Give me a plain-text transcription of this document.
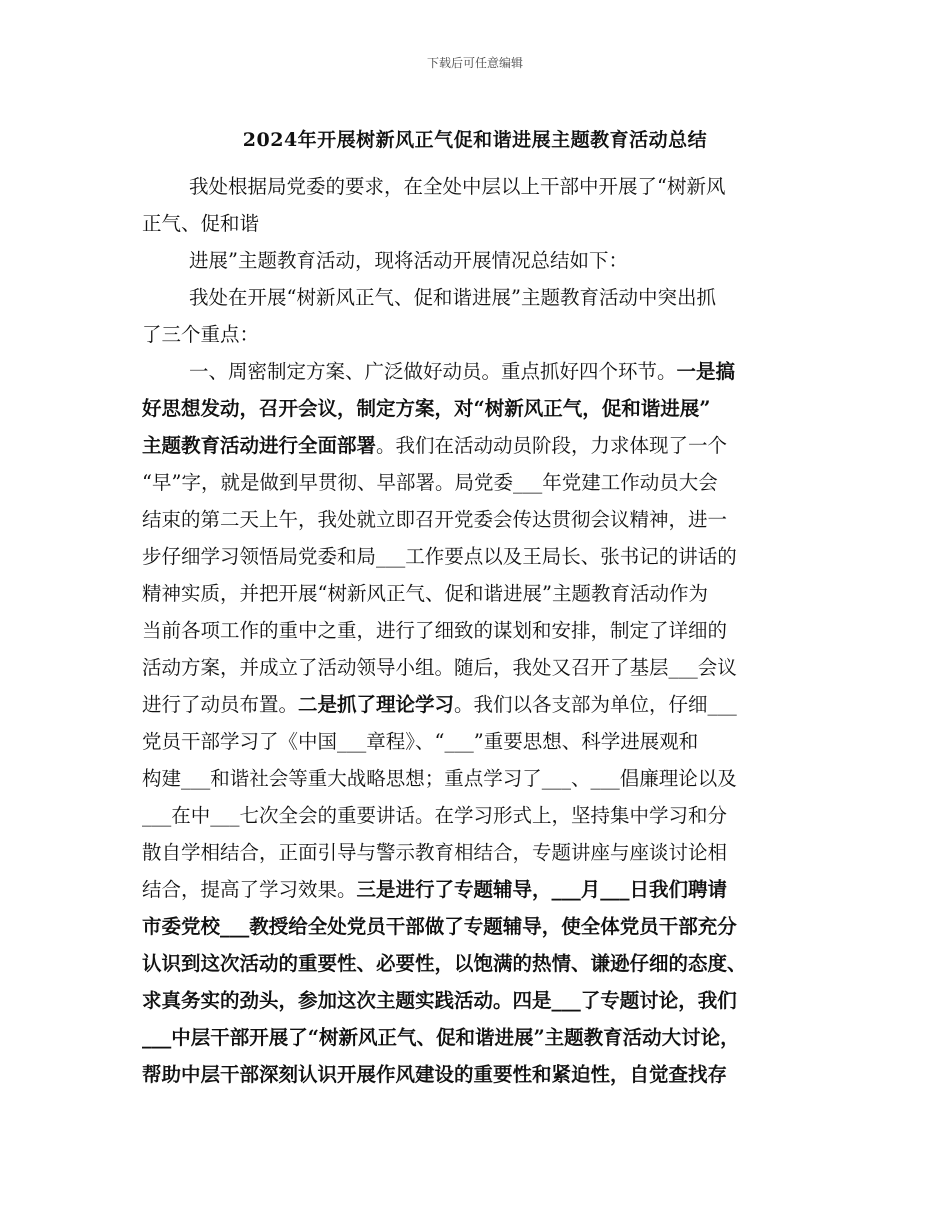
下载后可任意编辑
2024年开展树新风正气促和谐进展主题教育活动总结
我处根据局党委的要求，在全处中层以上干部中开展了“树新风
正气、促和谐
进展”主题教育活动，现将活动开展情况总结如下：
我处在开展“树新风正气、促和谐进展”主题教育活动中突出抓
了三个重点：
一、周密制定方案、广泛做好动员。重点抓好四个环节。一是搞
好思想发动，召开会议，制定方案，对“树新风正气，促和谐进展”
主题教育活动进行全面部署。我们在活动动员阶段，力求体现了一个
“早”字，就是做到早贯彻、早部署。局党委___年党建工作动员大会
结束的第二天上午，我处就立即召开党委会传达贯彻会议精神，进一
步仔细学习领悟局党委和局___工作要点以及王局长、张书记的讲话的
精神实质，并把开展“树新风正气、促和谐进展”主题教育活动作为
当前各项工作的重中之重，进行了细致的谋划和安排，制定了详细的
活动方案，并成立了活动领导小组。随后，我处又召开了基层___会议
进行了动员布置。二是抓了理论学习。我们以各支部为单位，仔细___
党员干部学习了《中国___章程》、“___”重要思想、科学进展观和
构建___和谐社会等重大战略思想；重点学习了___、___倡廉理论以及
___在中___七次全会的重要讲话。在学习形式上，坚持集中学习和分
散自学相结合，正面引导与警示教育相结合，专题讲座与座谈讨论相
结合，提高了学习效果。三是进行了专题辅导，___月___日我们聘请
市委党校___教授给全处党员干部做了专题辅导，使全体党员干部充分
认识到这次活动的重要性、必要性，以饱满的热情、谦逊仔细的态度、
求真务实的劲头，参加这次主题实践活动。四是___了专题讨论，我们
___中层干部开展了“树新风正气、促和谐进展”主题教育活动大讨论，
帮助中层干部深刻认识开展作风建设的重要性和紧迫性，自觉查找存
